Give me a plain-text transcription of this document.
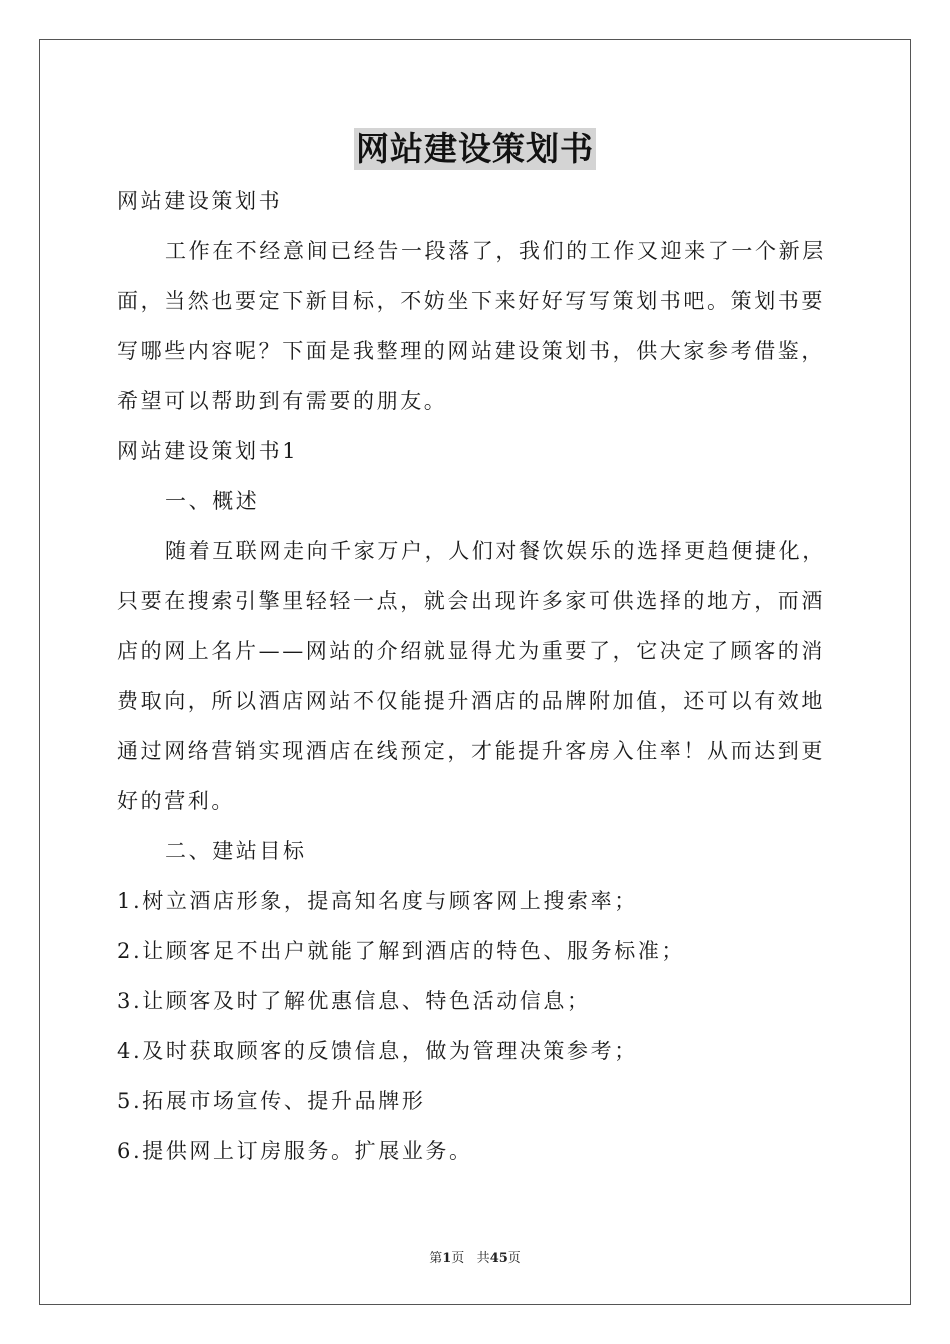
网站建设策划书

网站建设策划书

工作在不经意间已经告一段落了，我们的工作又迎来了一个新层面，当然也要定下新目标，不妨坐下来好好写写策划书吧。策划书要写哪些内容呢？下面是我整理的网站建设策划书，供大家参考借鉴，希望可以帮助到有需要的朋友。

网站建设策划书1

一、概述

随着互联网走向千家万户，人们对餐饮娱乐的选择更趋便捷化，只要在搜索引擎里轻轻一点，就会出现许多家可供选择的地方，而酒店的网上名片——网站的介绍就显得尤为重要了，它决定了顾客的消费取向，所以酒店网站不仅能提升酒店的品牌附加值，还可以有效地通过网络营销实现酒店在线预定，才能提升客房入住率！从而达到更好的营利。

二、建站目标

1.树立酒店形象，提高知名度与顾客网上搜索率；

2.让顾客足不出户就能了解到酒店的特色、服务标准；

3.让顾客及时了解优惠信息、特色活动信息；

4.及时获取顾客的反馈信息，做为管理决策参考；

5.拓展市场宣传、提升品牌形

6.提供网上订房服务。扩展业务。

第1页 共45页
